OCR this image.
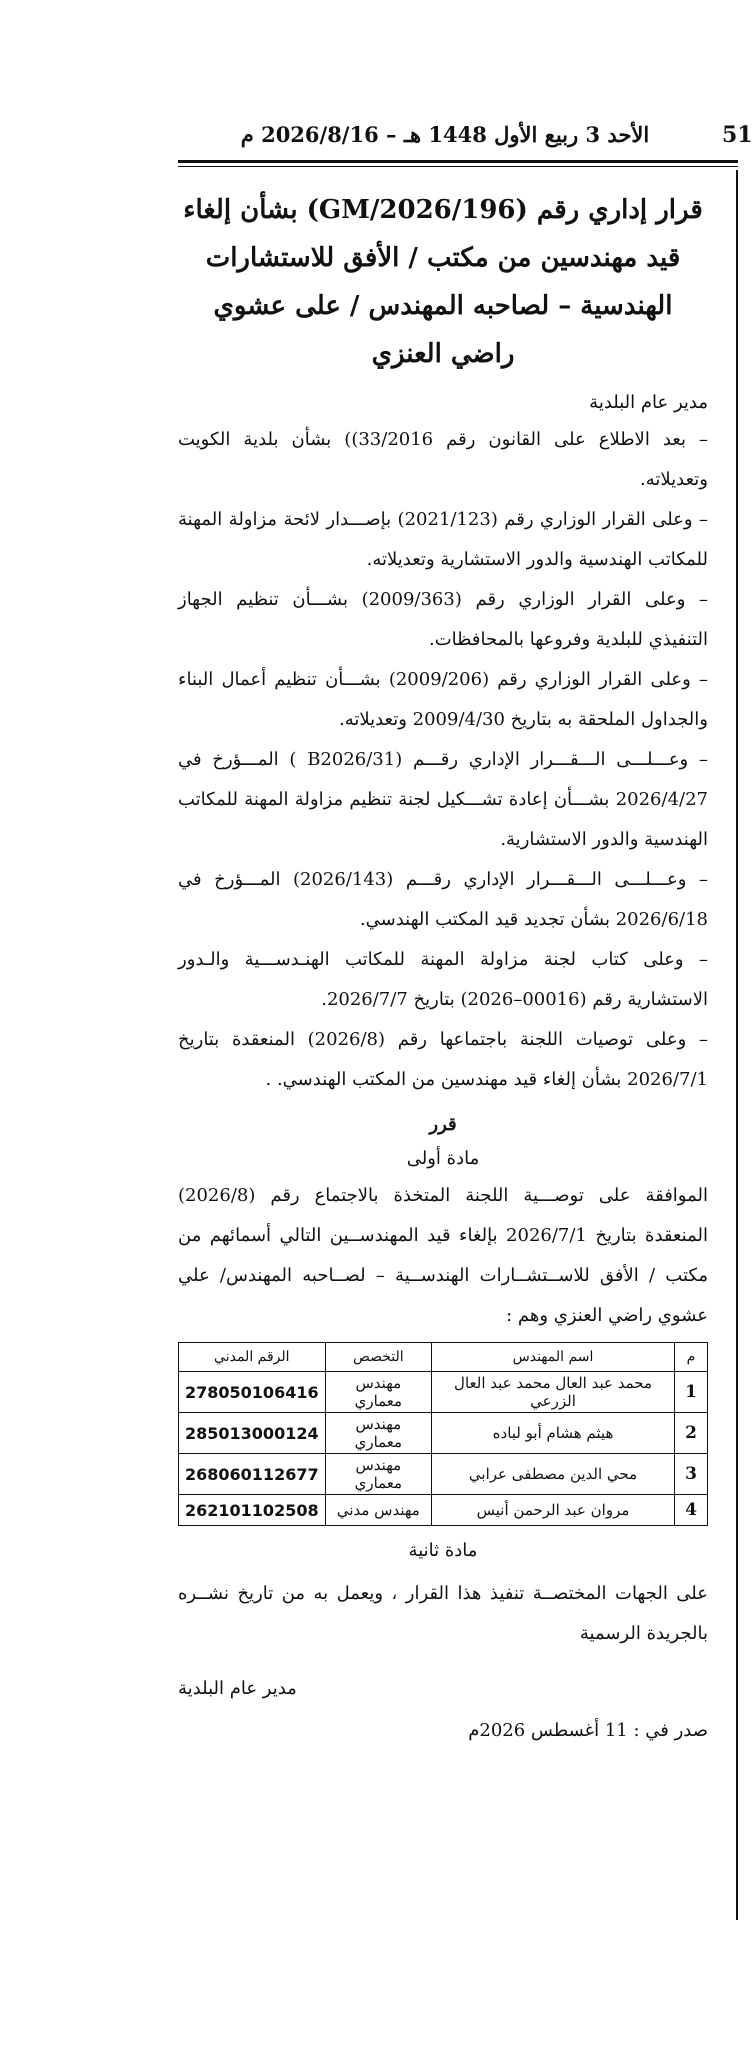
51
الأحد 3 ربيع الأول 1448 هـ – 2026/8/16 م
قرار إداري رقم (GM/2026/196) بشأن إلغاء قيد مهندسين من مكتب / الأفق للاستشارات الهندسية – لصاحبه المهندس / على عشوي راضي العنزي
مدير عام البلدية

– بعد الاطلاع على القانون رقم 33/2016)) بشأن بلدية الكويت وتعديلاته.

– وعلى القرار الوزاري رقم (2021/123) بإصـــدار لائحة مزاولة المهنة للمكاتب الهندسية والدور الاستشارية وتعديلاته.

– وعلى القرار الوزاري رقم (2009/363) بشـــأن تنظيم الجهاز التنفيذي للبلدية وفروعها بالمحافظات.

– وعلى القرار الوزاري رقم (2009/206) بشـــأن تنظيم أعمال البناء والجداول الملحقة به بتاريخ 2009/4/30 وتعديلاته.

– وعـــلـــى الـــقـــرار الإداري رقـــم (B2026/31 ) المـــؤرخ في 2026/4/27 بشـــأن إعادة تشـــكيل لجنة تنظيم مزاولة المهنة للمكاتب الهندسية والدور الاستشارية.

– وعـــلـــى الـــقـــرار الإداري رقـــم (2026/143) المـــؤرخ في 2026/6/18 بشأن تجديد قيد المكتب الهندسي.

– وعلى كتاب لجنة مزاولة المهنة للمكاتب الهنـدســـية والـدور الاستشارية رقم (00016–2026) بتاريخ 2026/7/7.

– وعلى توصيات اللجنة باجتماعها رقم (2026/8) المنعقدة بتاريخ 2026/7/1 بشأن إلغاء قيد مهندسين من المكتب الهندسي. .

قرر
مادة أولى
الموافقة على توصـــية اللجنة المتخذة بالاجتماع رقم (2026/8) المنعقدة بتاريخ 2026/7/1 بإلغاء قيد المهندســين التالي أسمائهم من مكتب / الأفق للاســتشــارات الهندســية – لصــاحبه المهندس/ علي عشوي راضي العنزي وهم :
م	اسم المهندس	التخصص	الرقم المدني
1	محمد عبد العال محمد عبد العال الزرعي	مهندس معماري	278050106416
2	هيثم هشام أبو لباده	مهندس معماري	285013000124
3	محي الدين مصطفى عرابي	مهندس معماري	268060112677
4	مروان عبد الرحمن أنيس	مهندس مدني	262101102508
مادة ثانية
على الجهات المختصــة تنفيذ هذا القرار ، ويعمل به من تاريخ نشــره بالجريدة الرسمية
مدير عام البلدية
صدر في : 11 أغسطس 2026م
